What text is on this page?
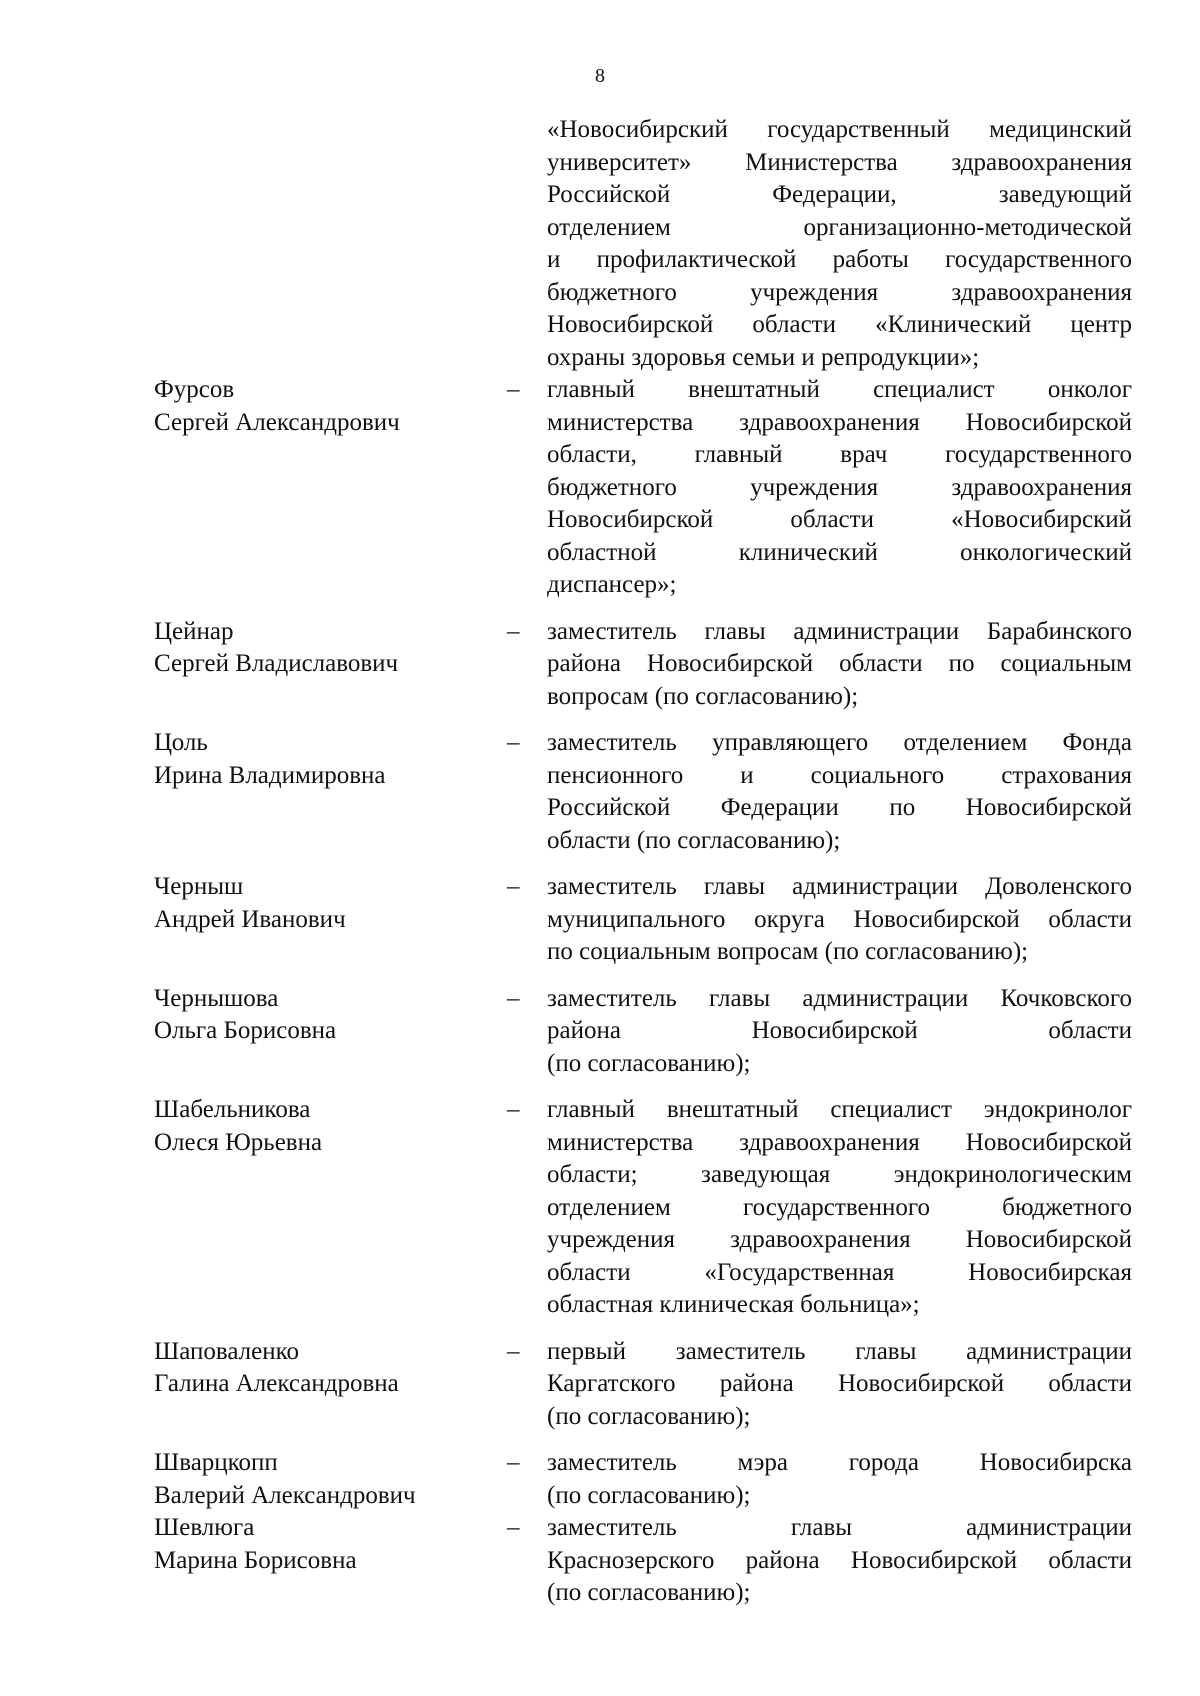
8
«Новосибирский государственный медицинский
университет» Министерства здравоохранения
Российской Федерации, заведующий
отделением организационно-методической
и профилактической работы государственного
бюджетного учреждения здравоохранения
Новосибирской области «Клинический центр
охраны здоровья семьи и репродукции»;
Фурсов
Сергей Александрович
– главный внештатный специалист онколог
министерства здравоохранения Новосибирской
области, главный врач государственного
бюджетного учреждения здравоохранения
Новосибирской области «Новосибирский
областной клинический онкологический
диспансер»;
Цейнар
Сергей Владиславович
– заместитель главы администрации Барабинского
района Новосибирской области по социальным
вопросам (по согласованию);
Цоль
Ирина Владимировна
– заместитель управляющего отделением Фонда
пенсионного и социального страхования
Российской Федерации по Новосибирской
области (по согласованию);
Черныш
Андрей Иванович
– заместитель главы администрации Доволенского
муниципального округа Новосибирской области
по социальным вопросам (по согласованию);
Чернышова
Ольга Борисовна
– заместитель главы администрации Кочковского
района Новосибирской области
(по согласованию);
Шабельникова
Олеся Юрьевна
– главный внештатный специалист эндокринолог
министерства здравоохранения Новосибирской
области; заведующая эндокринологическим
отделением государственного бюджетного
учреждения здравоохранения Новосибирской
области «Государственная Новосибирская
областная клиническая больница»;
Шаповаленко
Галина Александровна
– первый заместитель главы администрации
Каргатского района Новосибирской области
(по согласованию);
Шварцкопп
Валерий Александрович
– заместитель мэра города Новосибирска
(по согласованию);
Шевлюга
Марина Борисовна
– заместитель главы администрации
Краснозерского района Новосибирской области
(по согласованию);
